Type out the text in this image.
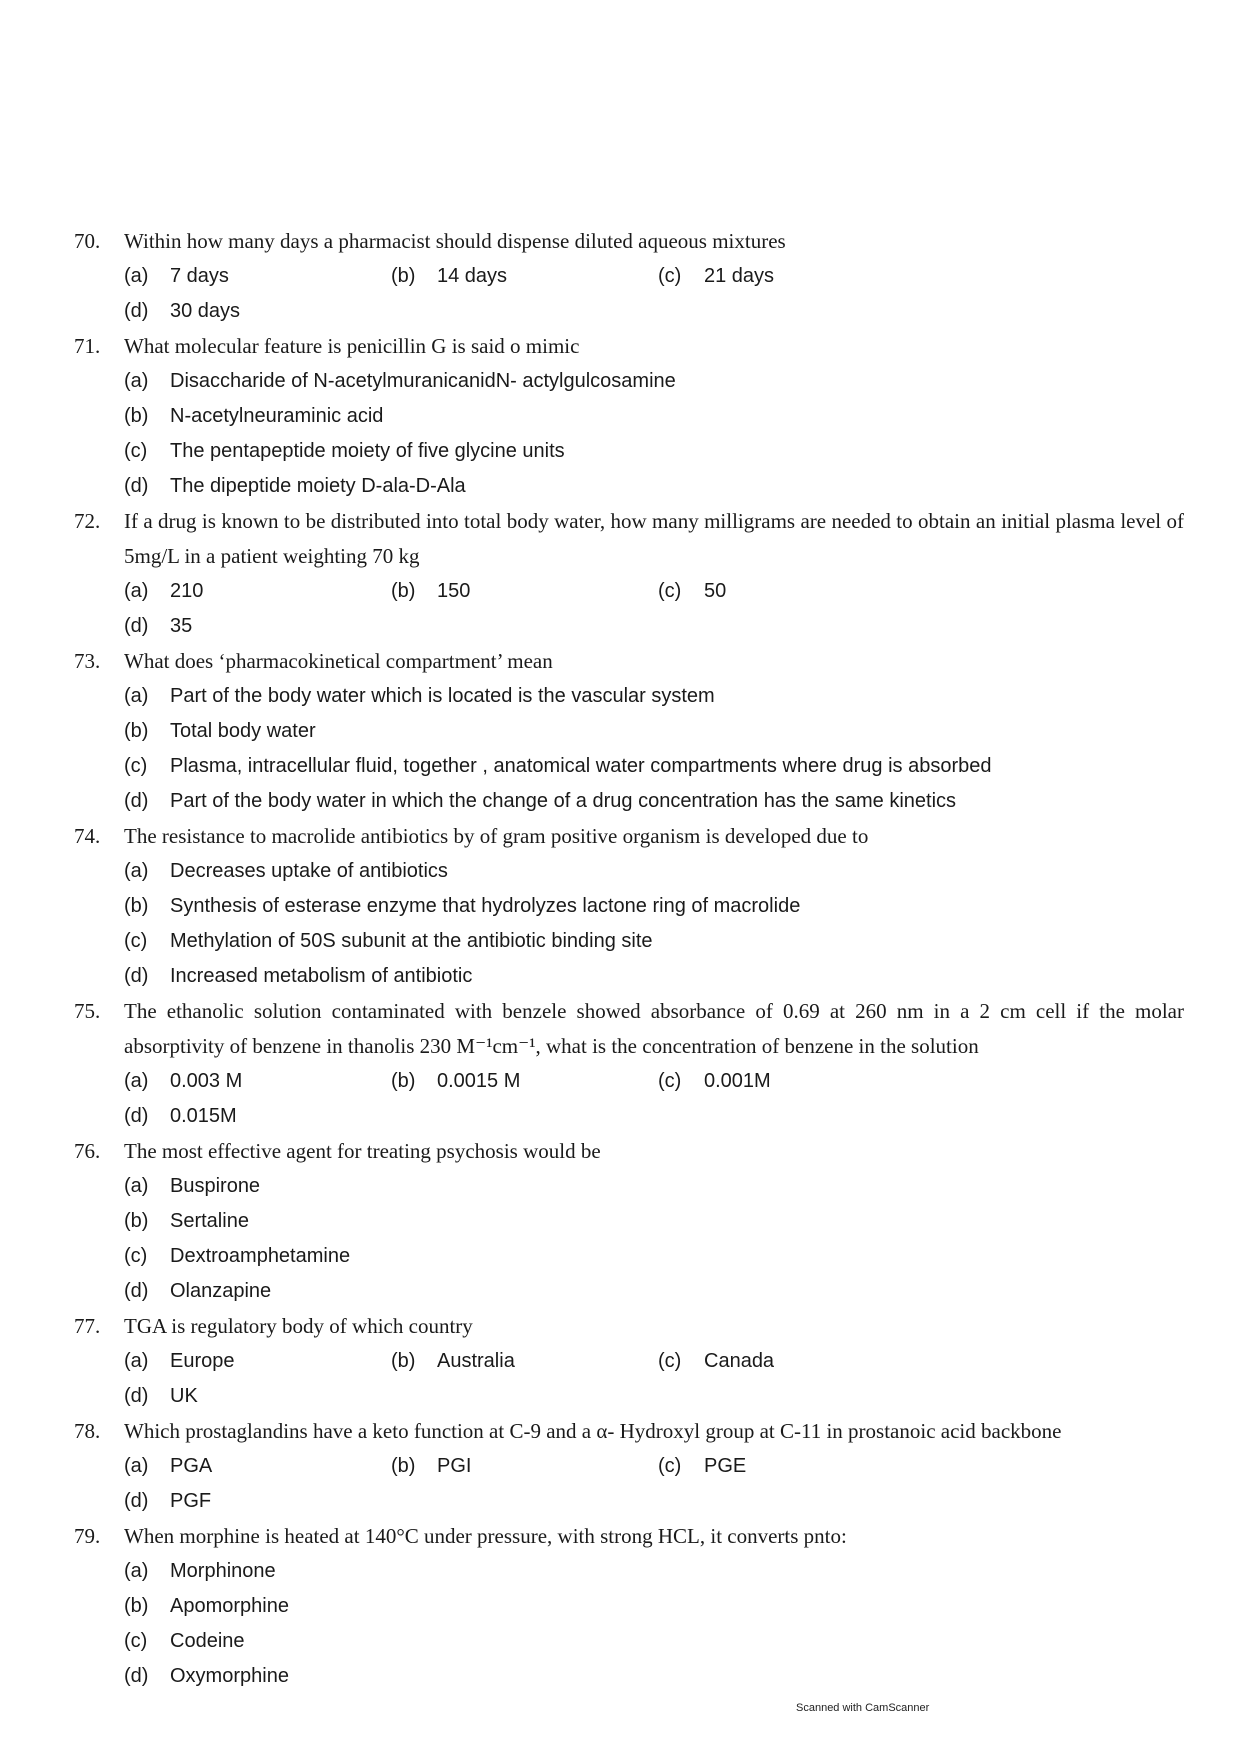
70.	Within how many days a pharmacist should dispense diluted aqueous mixtures
(a)	7 days	(b)	14 days	(c)	21 days
(d)	30 days
71.	What molecular feature is penicillin G is said o mimic
(a)	Disaccharide of N-acetylmuranicanidN- actylgulcosamine
(b)	N-acetylneuraminic acid
(c)	The pentapeptide moiety of five glycine units
(d)	The dipeptide moiety D-ala-D-Ala
72.	If a drug is known to be distributed into total body water, how many milligrams are needed to obtain an initial plasma level of 5mg/L in a patient weighting 70 kg
(a)	210	(b)	150	(c)	50
(d)	35
73.	What does ‘pharmacokinetical compartment’ mean
(a)	Part of the body water which is located is the vascular system
(b)	Total body water
(c)	Plasma, intracellular fluid, together , anatomical water compartments where drug is absorbed
(d)	Part of the body water in which the change of a drug concentration has the same kinetics
74.	The resistance to macrolide antibiotics by of gram positive organism is developed due to
(a)	Decreases uptake of antibiotics
(b)	Synthesis of esterase enzyme that hydrolyzes lactone ring of macrolide
(c)	Methylation of 50S subunit at the antibiotic binding site
(d)	Increased metabolism of antibiotic
75.	The ethanolic solution contaminated with benzele showed absorbance of 0.69 at 260 nm in a 2 cm cell if the molar absorptivity of benzene in thanolis 230 M⁻¹cm⁻¹, what is the concentration of benzene in the solution
(a)	0.003 M	(b)	0.0015 M	(c)	0.001M
(d)	0.015M
76.	The most effective agent for treating psychosis would be
(a)	Buspirone
(b)	Sertaline
(c)	Dextroamphetamine
(d)	Olanzapine
77.	TGA is regulatory body of which country
(a)	Europe	(b)	Australia	(c)	Canada
(d)	UK
78.	Which prostaglandins have a keto function at C-9 and a α- Hydroxyl group at C-11 in prostanoic acid backbone
(a)	PGA	(b)	PGI	(c)	PGE
(d)	PGF
79.	When morphine is heated at 140°C under pressure, with strong HCL, it converts pnto:
(a)	Morphinone
(b)	Apomorphine
(c)	Codeine
(d)	Oxymorphine
Scanned with CamScanner
